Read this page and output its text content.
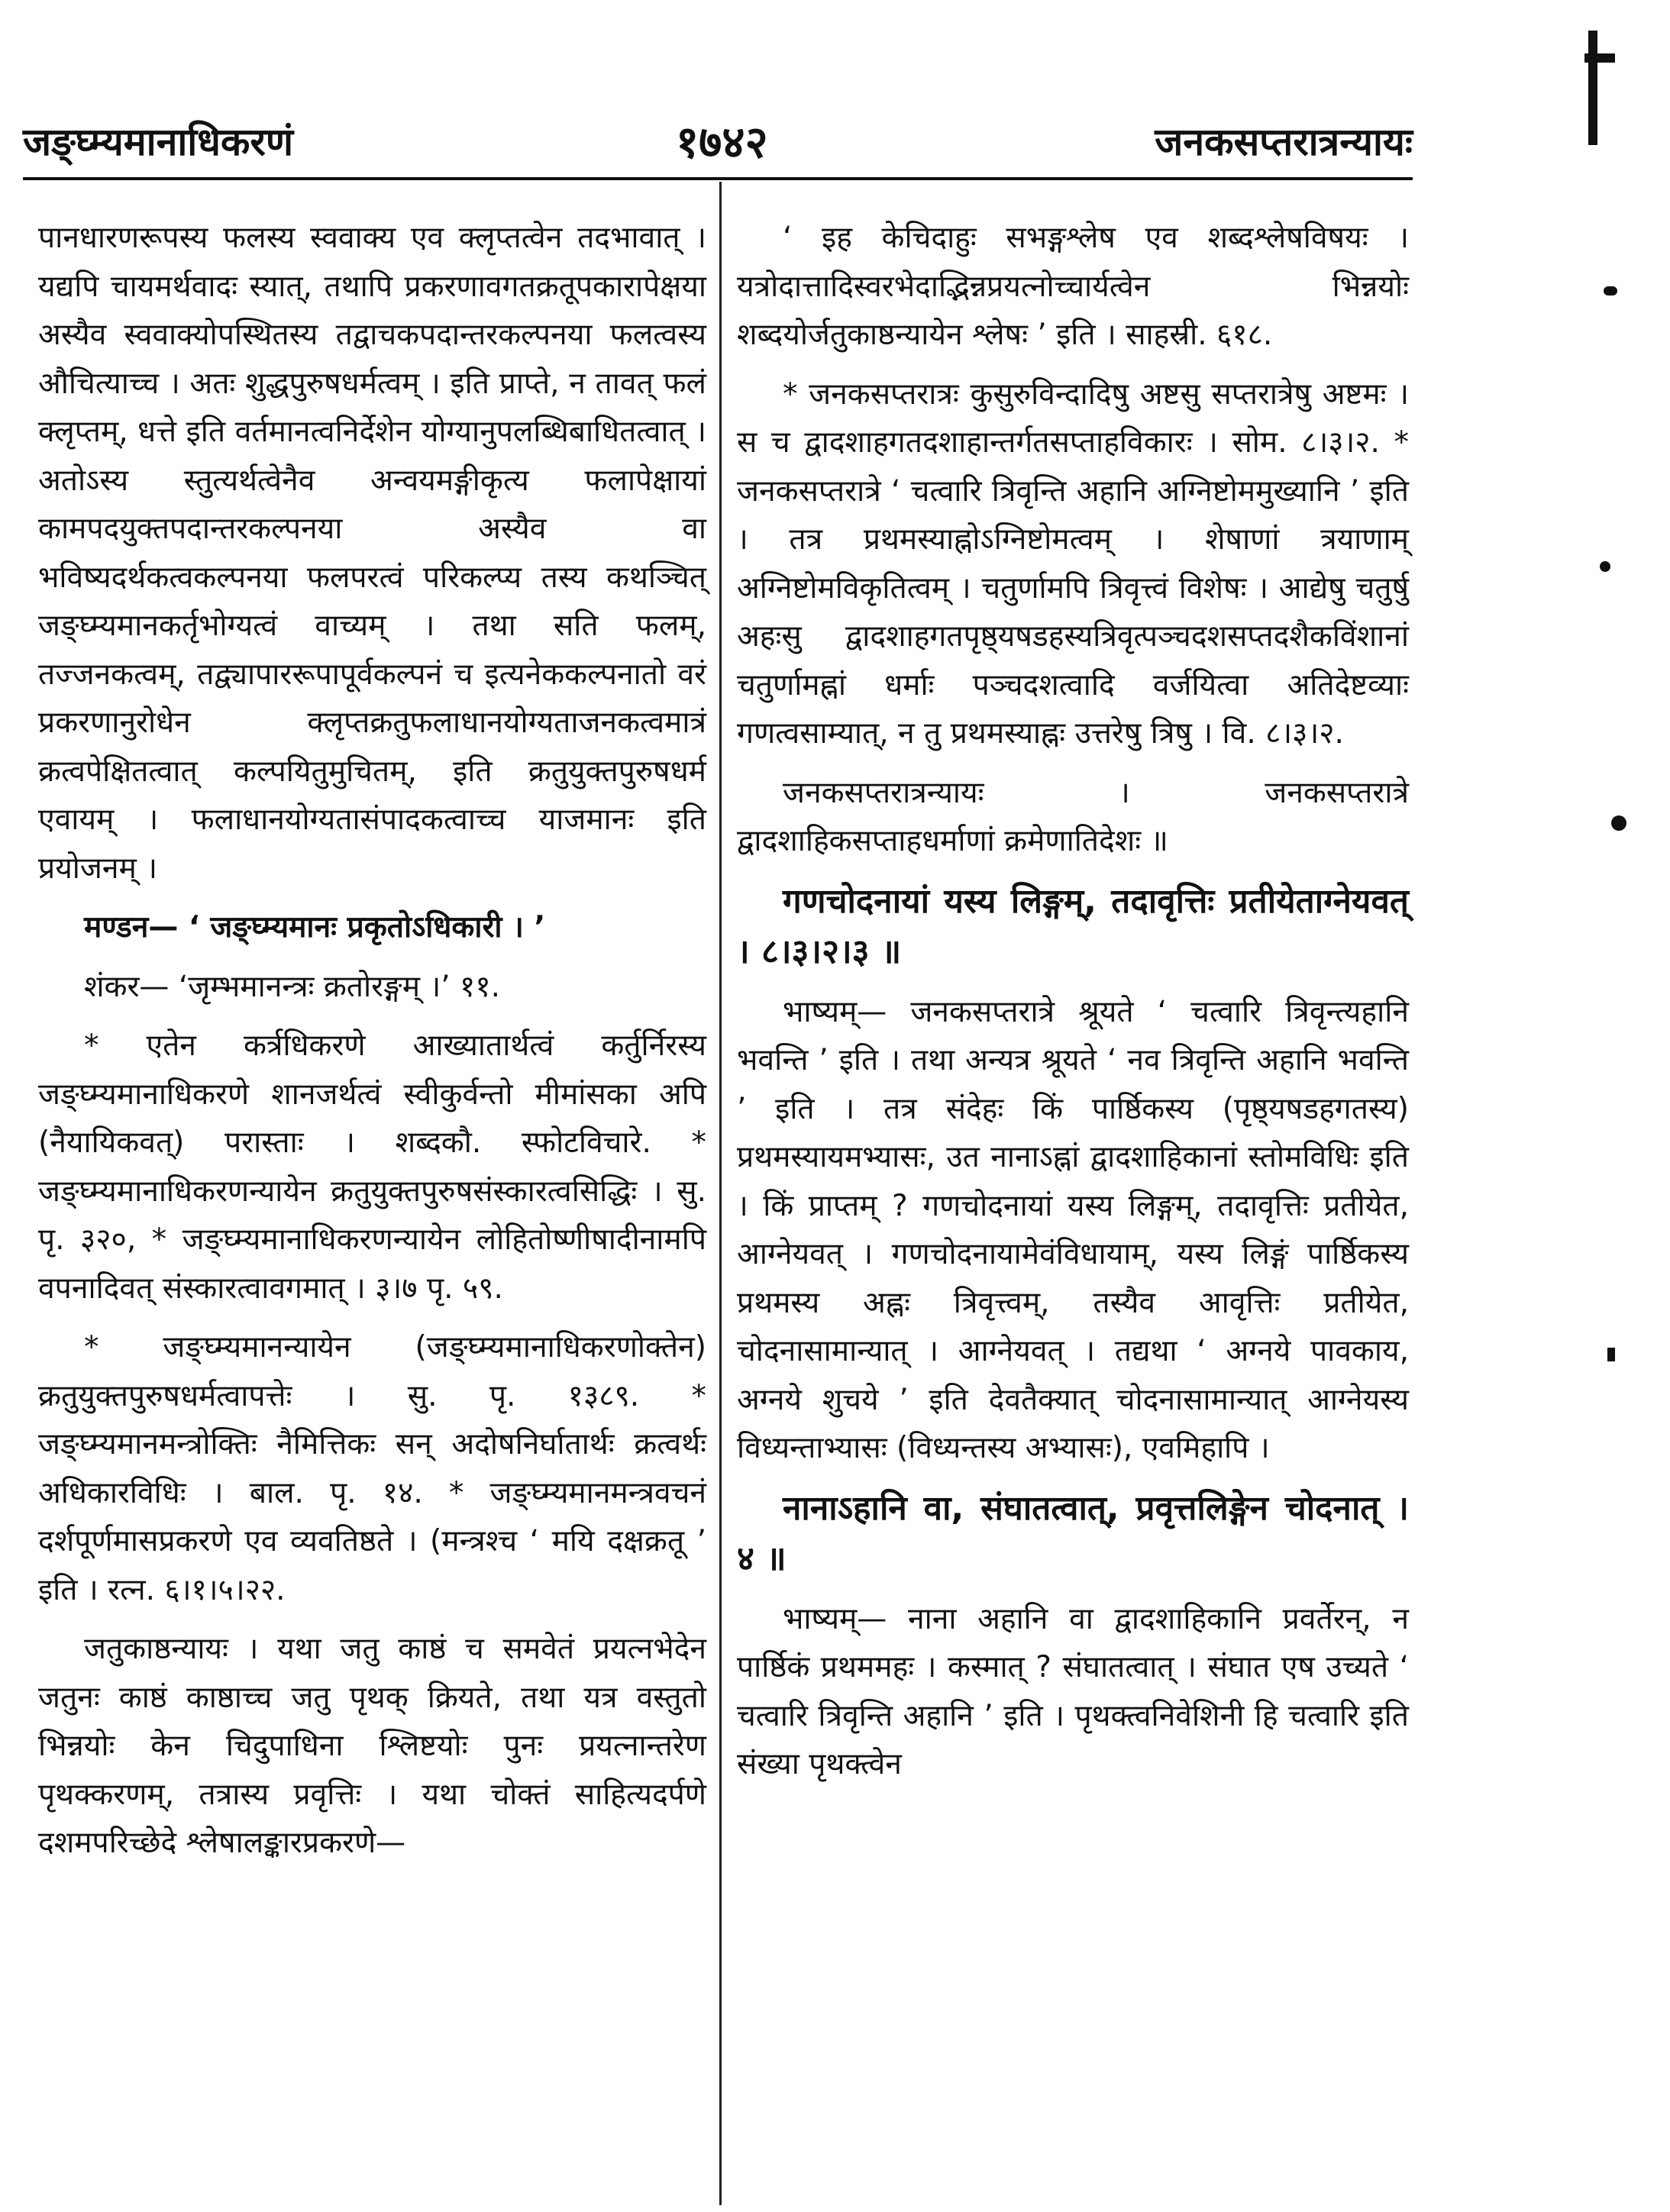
जङ्घ्म्यमानाधिकरणं	१७४२	जनकसप्तरात्रन्यायः

पानधारणरूपस्य फलस्य स्ववाक्य एव क्लृप्तत्वेन तदभावात् । यद्यपि चायमर्थवादः स्यात्, तथापि प्रकरणावगतक्रतूपकारापेक्षया अस्यैव स्ववाक्योपस्थितस्य तद्वाचकपदान्तरकल्पनया फलत्वस्य औचित्याच्च । अतः शुद्धपुरुषधर्मत्वम् । इति प्राप्ते, न तावत् फलं क्लृप्तम्, धत्ते इति वर्तमानत्वनिर्देशेन योग्यानुपलब्धिबाधितत्वात् । अतोऽस्य स्तुत्यर्थत्वेनैव अन्वयमङ्गीकृत्य फलापेक्षायां कामपदयुक्तपदान्तरकल्पनया अस्यैव वा भविष्यदर्थकत्वकल्पनया फलपरत्वं परिकल्प्य तस्य कथञ्चित् जङ्घ्म्यमानकर्तृभोग्यत्वं वाच्यम् । तथा सति फलम्, तज्जनकत्वम्, तद्व्यापाररूपापूर्वकल्पनं च इत्यनेककल्पनातो वरं प्रकरणानुरोधेन क्लृप्तक्रतुफलाधानयोग्यताजनकत्वमात्रं क्रत्वपेक्षितत्वात् कल्पयितुमुचितम्, इति क्रतुयुक्तपुरुषधर्म एवायम् । फलाधानयोग्यतासंपादकत्वाच्च याजमानः इति प्रयोजनम् ।

मण्डन— ‘ जङ्घ्म्यमानः प्रकृतोऽधिकारी । ’

शंकर— ‘जृम्भमानन्त्रः क्रतोरङ्गम् ।’ ११.

* एतेन कर्त्रधिकरणे आख्यातार्थत्वं कर्तुर्निरस्य जङ्घ्म्यमानाधिकरणे शानजर्थत्वं स्वीकुर्वन्तो मीमांसका अपि (नैयायिकवत्) परास्ताः । शब्दकौ. स्फोटविचारे. * जङ्घ्म्यमानाधिकरणन्यायेन क्रतुयुक्तपुरुषसंस्कारत्वसिद्धिः । सु. पृ. ३२०, * जङ्घ्म्यमानाधिकरणन्यायेन लोहितोष्णीषादीनामपि वपनादिवत् संस्कारत्वावगमात् । ३।७ पृ. ५९.

* जङ्घ्म्यमानन्यायेन (जङ्घ्म्यमानाधिकरणोक्तेन) क्रतुयुक्तपुरुषधर्मत्वापत्तेः । सु. पृ. १३८९. * जङ्घ्म्यमानमन्त्रोक्तिः नैमित्तिकः सन् अदोषनिर्घातार्थः क्रत्वर्थः अधिकारविधिः । बाल. पृ. १४. * जङ्घ्म्यमानमन्त्रवचनं दर्शपूर्णमासप्रकरणे एव व्यवतिष्ठते । (मन्त्रश्च ‘ मयि दक्षक्रतू ’ इति । रत्न. ६।१।५।२२.

जतुकाष्ठन्यायः । यथा जतु काष्ठं च समवेतं प्रयत्नभेदेन जतुनः काष्ठं काष्ठाच्च जतु पृथक् क्रियते, तथा यत्र वस्तुतो भिन्नयोः केन चिदुपाधिना श्लिष्टयोः पुनः प्रयत्नान्तरेण पृथक्करणम्, तत्रास्य प्रवृत्तिः । यथा चोक्तं साहित्यदर्पणे दशमपरिच्छेदे श्लेषालङ्कारप्रकरणे—

‘ इह केचिदाहुः सभङ्गश्लेष एव शब्दश्लेषविषयः । यत्रोदात्तादिस्वरभेदाद्भिन्नप्रयत्नोच्चार्यत्वेन भिन्नयोः शब्दयोर्जतुकाष्ठन्यायेन श्लेषः ’ इति । साहस्री. ६१८.

* जनकसप्तरात्रः कुसुरुविन्दादिषु अष्टसु सप्तरात्रेषु अष्टमः । स च द्वादशाहगतदशाहान्तर्गतसप्ताहविकारः । सोम. ८।३।२. * जनकसप्तरात्रे ‘ चत्वारि त्रिवृन्ति अहानि अग्निष्टोममुख्यानि ’ इति । तत्र प्रथमस्याह्नोऽग्निष्टोमत्वम् । शेषाणां त्रयाणाम् अग्निष्टोमविकृतित्वम् । चतुर्णामपि त्रिवृत्त्वं विशेषः । आद्येषु चतुर्षु अहःसु द्वादशाहगतपृष्ठ्यषडहस्यत्रिवृत्पञ्चदशसप्तदशैकविंशानां चतुर्णामह्नां धर्माः पञ्चदशत्वादि वर्जयित्वा अतिदेष्टव्याः गणत्वसाम्यात्, न तु प्रथमस्याह्नः उत्तरेषु त्रिषु । वि. ८।३।२.

जनकसप्तरात्रन्यायः । जनकसप्तरात्रे द्वादशाहिकसप्ताहधर्माणां क्रमेणातिदेशः ॥

गणचोदनायां यस्य लिङ्गम्, तदावृत्तिः प्रतीयेताग्नेयवत् । ८।३।२।३ ॥

भाष्यम्— जनकसप्तरात्रे श्रूयते ‘ चत्वारि त्रिवृन्त्यहानि भवन्ति ’ इति । तथा अन्यत्र श्रूयते ‘ नव त्रिवृन्ति अहानि भवन्ति ’ इति । तत्र संदेहः किं पार्ष्ठिकस्य (पृष्ठ्यषडहगतस्य) प्रथमस्यायमभ्यासः, उत नानाऽह्नां द्वादशाहिकानां स्तोमविधिः इति । किं प्राप्तम् ? गणचोदनायां यस्य लिङ्गम्, तदावृत्तिः प्रतीयेत, आग्नेयवत् । गणचोदनायामेवंविधायाम्, यस्य लिङ्गं पार्ष्ठिकस्य प्रथमस्य अह्नः त्रिवृत्त्वम्, तस्यैव आवृत्तिः प्रतीयेत, चोदनासामान्यात् । आग्नेयवत् । तद्यथा ‘ अग्नये पावकाय, अग्नये शुचये ’ इति देवतैक्यात् चोदनासामान्यात् आग्नेयस्य विध्यन्ताभ्यासः (विध्यन्तस्य अभ्यासः), एवमिहापि ।

नानाऽहानि वा, संघातत्वात्, प्रवृत्तलिङ्गेन चोदनात् । ४ ॥

भाष्यम्— नाना अहानि वा द्वादशाहिकानि प्रवर्तेरन्, न पार्ष्ठिकं प्रथममहः । कस्मात् ? संघातत्वात् । संघात एष उच्यते ‘ चत्वारि त्रिवृन्ति अहानि ’ इति । पृथक्त्वनिवेशिनी हि चत्वारि इति संख्या पृथक्त्वेन
